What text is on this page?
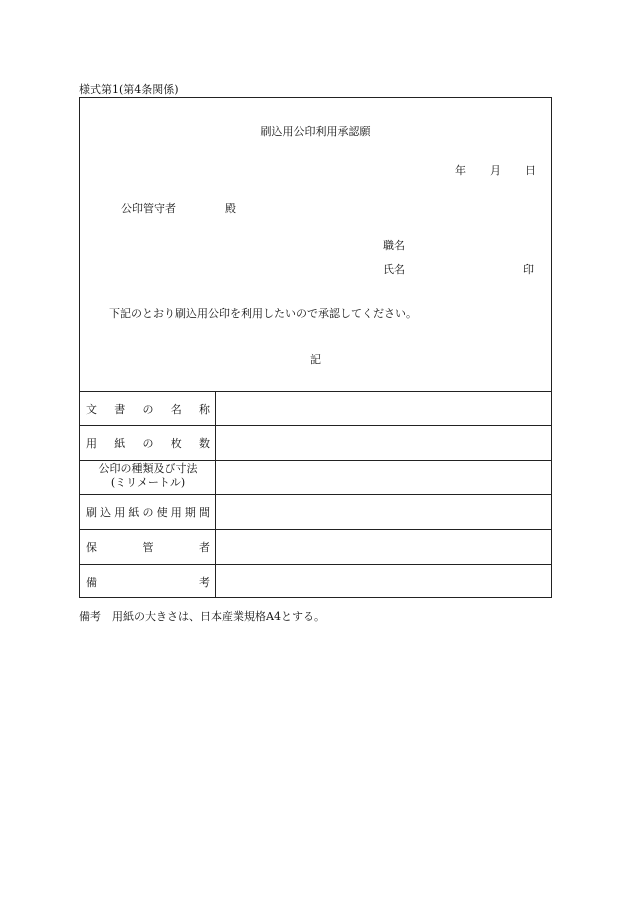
様式第1(第4条関係)
刷込用公印利用承認願
年 月 日
公印管守者	殿
職名
氏名	印
下記のとおり刷込用公印を利用したいので承認してください。
記
文 書 の 名 称
用 紙 の 枚 数
公印の種類及び寸法
(ミリメートル)
刷 込 用 紙 の 使 用 期 間
保	管	者
備	考
備考　用紙の大きさは、日本産業規格A4とする。
